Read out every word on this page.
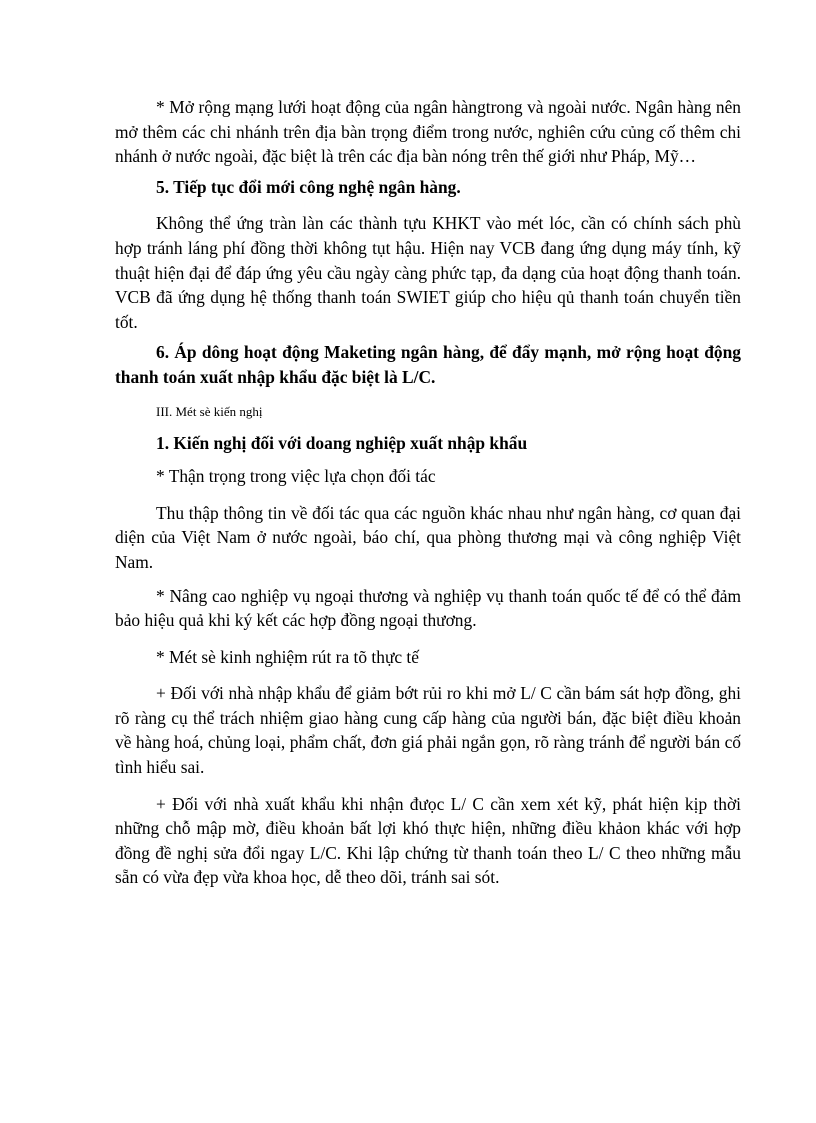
* Mở rộng mạng lưới hoạt động của ngân hàngtrong và ngoài nước. Ngân hàng nên mở thêm các chi nhánh trên địa bàn trọng điểm trong nước, nghiên cứu củng cố thêm chi nhánh ở nước ngoài, đặc biệt là trên các địa bàn nóng trên thế giới như Pháp, Mỹ…

5. Tiếp tục đổi mới công nghệ ngân hàng.

Không thể ứng tràn làn các thành tựu KHKT vào mét lóc, cần có chính sách phù hợp tránh láng phí đồng thời không tụt hậu. Hiện nay VCB đang ứng dụng máy tính, kỹ thuật hiện đại để đáp ứng yêu cầu ngày càng phức tạp, đa dạng của hoạt động thanh toán. VCB đã ứng dụng hệ thống thanh toán SWIET giúp cho hiệu qủ thanh toán chuyển tiền tốt.

6. Áp dông hoạt động Maketing ngân hàng, để đẩy mạnh, mở rộng hoạt động thanh toán xuất nhập khẩu đặc biệt là L/C.

III. Mét sè kiến nghị

1. Kiến nghị đối với doang nghiệp xuất nhập khẩu

* Thận trọng trong việc lựa chọn đối tác

Thu thập thông tin về đối tác qua các nguồn khác nhau như ngân hàng, cơ quan đại diện của Việt Nam ở nước ngoài, báo chí, qua phòng thương mại và công nghiệp Việt Nam.

* Nâng cao nghiệp vụ ngoại thương và nghiệp vụ thanh toán quốc tế để có thể đảm bảo hiệu quả khi ký kết các hợp đồng ngoại thương.

* Mét sè kinh nghiệm rút ra tõ thực tế

+ Đối với nhà nhập khẩu để giảm bớt rủi ro khi mở L/ C cần bám sát hợp đồng, ghi rõ ràng cụ thể trách nhiệm giao hàng cung cấp hàng của người bán, đặc biệt điều khoản về hàng hoá, chủng loại, phẩm chất, đơn giá phải ngắn gọn, rõ ràng tránh để người bán cố tình hiểu sai.

+ Đối với nhà xuất khẩu khi nhận đưọc L/ C cần xem xét kỹ, phát hiện kịp thời những chỗ mập mờ, điều khoản bất lợi khó thực hiện, những điều khảon khác với hợp đồng đề nghị sửa đổi ngay L/C. Khi lập chứng từ thanh toán theo L/ C theo những mẫu sẵn có vừa đẹp vừa khoa học, dễ theo dõi, tránh sai sót.
